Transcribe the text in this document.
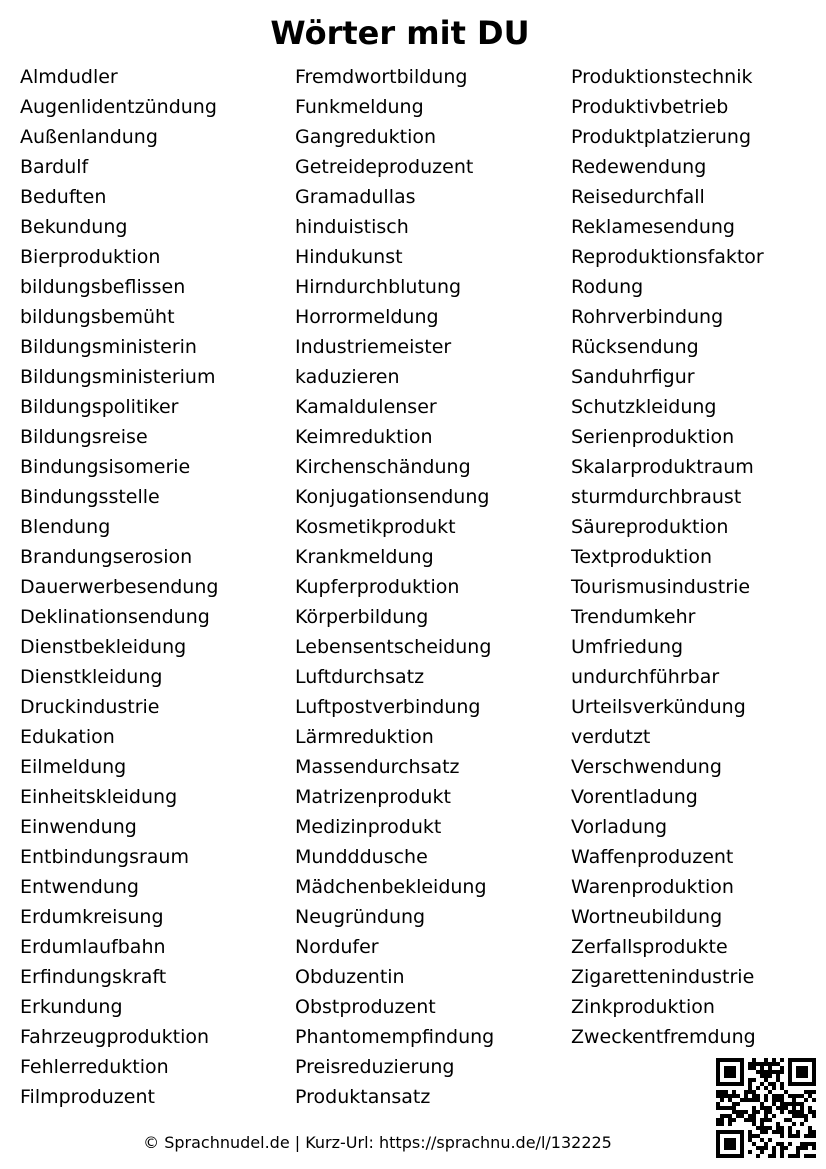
Wörter mit DU
Almdudler
Augenlidentzündung
Außenlandung
Bardulf
Beduften
Bekundung
Bierproduktion
bildungsbeflissen
bildungsbemüht
Bildungsministerin
Bildungsministerium
Bildungspolitiker
Bildungsreise
Bindungsisomerie
Bindungsstelle
Blendung
Brandungserosion
Dauerwerbesendung
Deklinationsendung
Dienstbekleidung
Dienstkleidung
Druckindustrie
Edukation
Eilmeldung
Einheitskleidung
Einwendung
Entbindungsraum
Entwendung
Erdumkreisung
Erdumlaufbahn
Erfindungskraft
Erkundung
Fahrzeugproduktion
Fehlerreduktion
Filmproduzent
Fremdwortbildung
Funkmeldung
Gangreduktion
Getreideproduzent
Gramadullas
hinduistisch
Hindukunst
Hirndurchblutung
Horrormeldung
Industriemeister
kaduzieren
Kamaldulenser
Keimreduktion
Kirchenschändung
Konjugationsendung
Kosmetikprodukt
Krankmeldung
Kupferproduktion
Körperbildung
Lebensentscheidung
Luftdurchsatz
Luftpostverbindung
Lärmreduktion
Massendurchsatz
Matrizenprodukt
Medizinprodukt
Mundddusche
Mädchenbekleidung
Neugründung
Nordufer
Obduzentin
Obstproduzent
Phantomempfindung
Preisreduzierung
Produktansatz
Produktionstechnik
Produktivbetrieb
Produktplatzierung
Redewendung
Reisedurchfall
Reklamesendung
Reproduktionsfaktor
Rodung
Rohrverbindung
Rücksendung
Sanduhrfigur
Schutzkleidung
Serienproduktion
Skalarproduktraum
sturmdurchbraust
Säureproduktion
Textproduktion
Tourismusindustrie
Trendumkehr
Umfriedung
undurchführbar
Urteilsverkündung
verdutzt
Verschwendung
Vorentladung
Vorladung
Waffenproduzent
Warenproduktion
Wortneubildung
Zerfallsprodukte
Zigarettenindustrie
Zinkproduktion
Zweckentfremdung
© Sprachnudel.de | Kurz-Url: https://sprachnu.de/l/132225
